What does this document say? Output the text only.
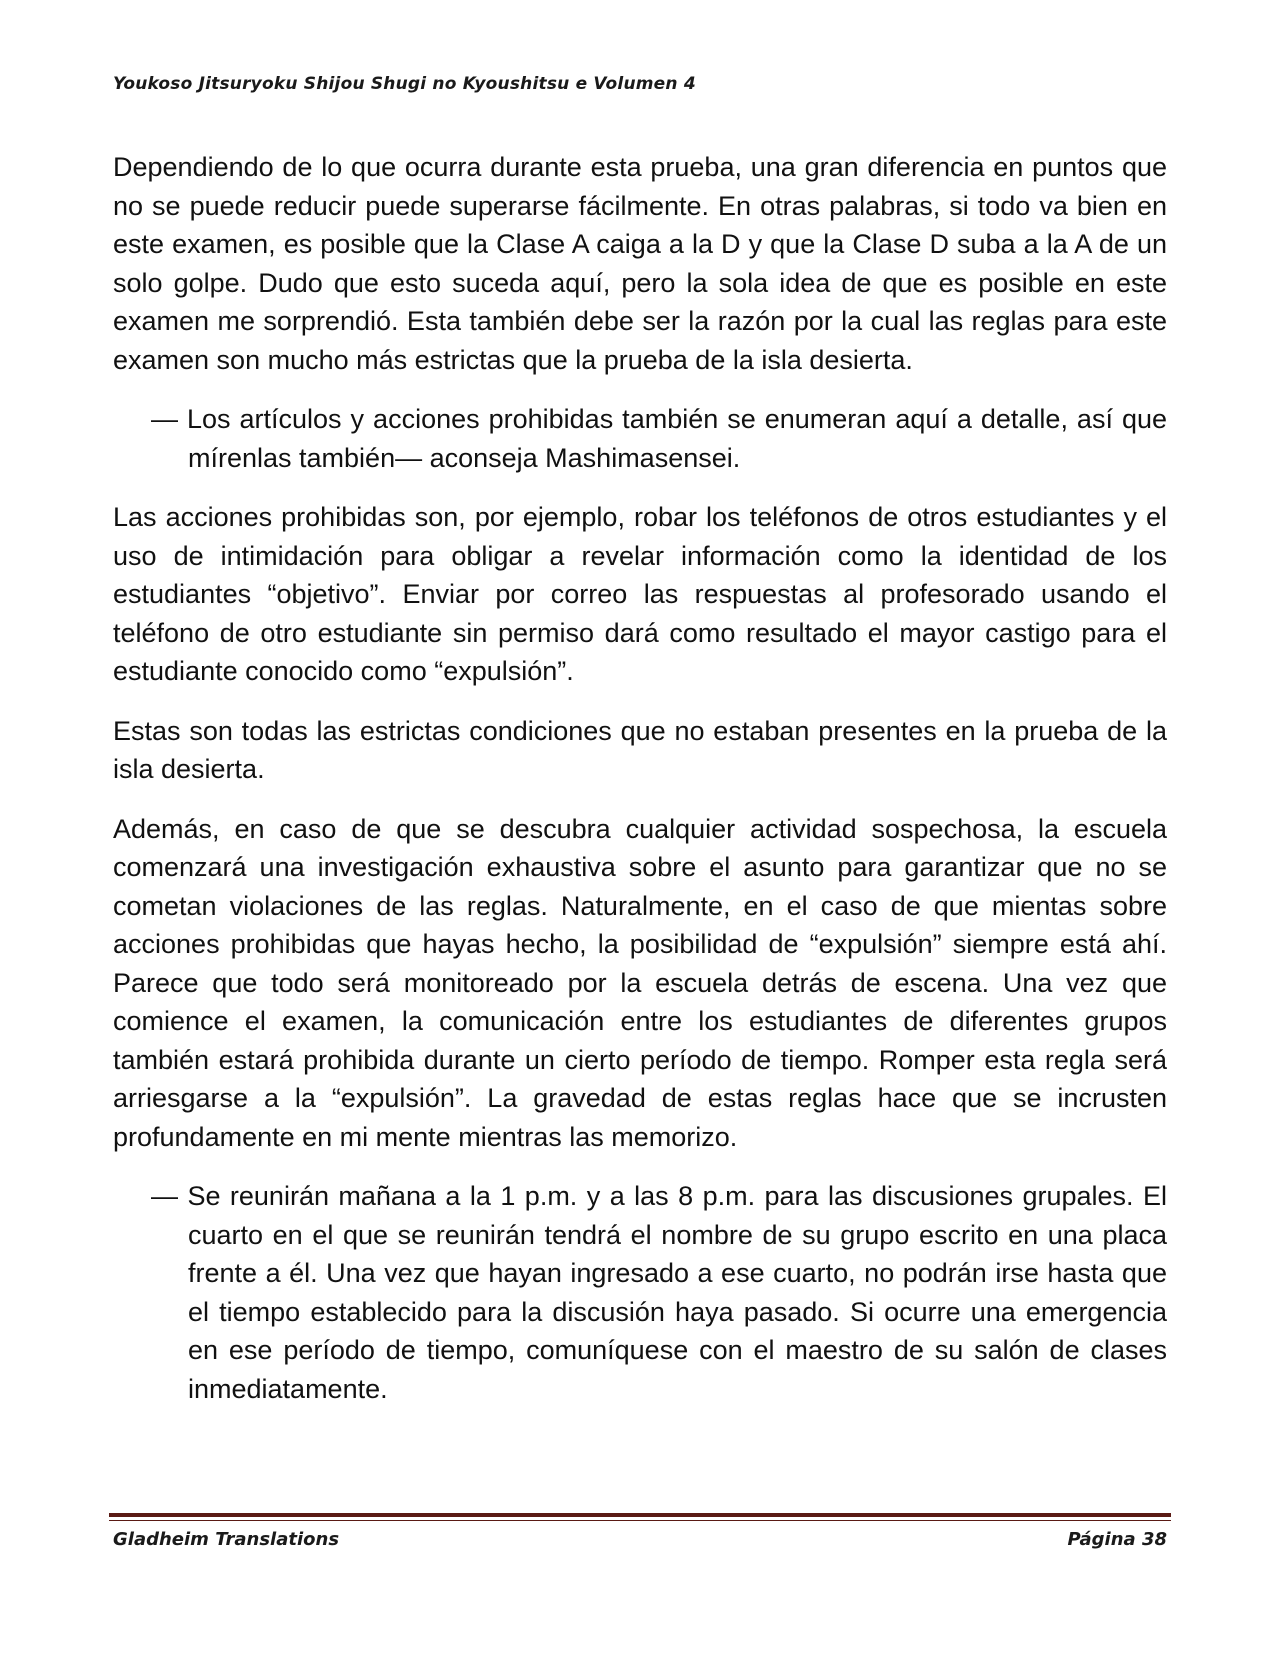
Youkoso Jitsuryoku Shijou Shugi no Kyoushitsu e Volumen 4

Dependiendo de lo que ocurra durante esta prueba, una gran diferencia en puntos que no se puede reducir puede superarse fácilmente. En otras palabras, si todo va bien en este examen, es posible que la Clase A caiga a la D y que la Clase D suba a la A de un solo golpe. Dudo que esto suceda aquí, pero la sola idea de que es posible en este examen me sorprendió. Esta también debe ser la razón por la cual las reglas para este examen son mucho más estrictas que la prueba de la isla desierta.

— Los artículos y acciones prohibidas también se enumeran aquí a detalle, así que mírenlas también— aconseja Mashimasensei.

Las acciones prohibidas son, por ejemplo, robar los teléfonos de otros estudiantes y el uso de intimidación para obligar a revelar información como la identidad de los estudiantes “objetivo”. Enviar por correo las respuestas al profesorado usando el teléfono de otro estudiante sin permiso dará como resultado el mayor castigo para el estudiante conocido como “expulsión”.

Estas son todas las estrictas condiciones que no estaban presentes en la prueba de la isla desierta.

Además, en caso de que se descubra cualquier actividad sospechosa, la escuela comenzará una investigación exhaustiva sobre el asunto para garantizar que no se cometan violaciones de las reglas. Naturalmente, en el caso de que mientas sobre acciones prohibidas que hayas hecho, la posibilidad de “expulsión” siempre está ahí. Parece que todo será monitoreado por la escuela detrás de escena. Una vez que comience el examen, la comunicación entre los estudiantes de diferentes grupos también estará prohibida durante un cierto período de tiempo. Romper esta regla será arriesgarse a la “expulsión”. La gravedad de estas reglas hace que se incrusten profundamente en mi mente mientras las memorizo.

— Se reunirán mañana a la 1 p.m. y a las 8 p.m. para las discusiones grupales. El cuarto en el que se reunirán tendrá el nombre de su grupo escrito en una placa frente a él. Una vez que hayan ingresado a ese cuarto, no podrán irse hasta que el tiempo establecido para la discusión haya pasado. Si ocurre una emergencia en ese período de tiempo, comuníquese con el maestro de su salón de clases inmediatamente.

Gladheim Translations	Página 38
